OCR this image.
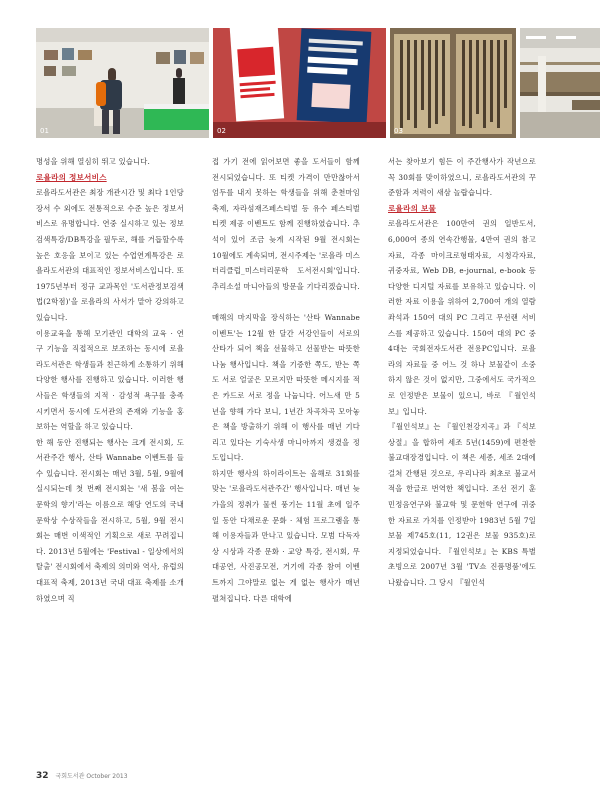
01	02	03

명성을 위해 열심히 뛰고 있습니다.

로욜라의 정보서비스

로욜라도서관은 최장 개관시간 및 최다 1인당 장서 수 외에도 전통적으로 수준 높은 정보서비스로 유명합니다. 연중 실시하고 있는 정보검색특강/DB특강을 필두로, 해를 거듭할수록 높은 호응을 보이고 있는 수업연계특강은 로욜라도서관의 대표적인 정보서비스입니다. 또 1975년부터 정규 교과목인 '도서관정보검색법(2학점)'을 로욜라의 사서가 맡아 강의하고 있습니다.

이용교육을 통해 모기관인 대학의 교육 · 연구 기능을 직접적으로 보조하는 동시에 로욜라도서관은 학생들과 친근하게 소통하기 위해 다양한 행사를 진행하고 있습니다. 이러한 행사들은 학생들의 지적 · 감성적 욕구를 충족시키면서 동시에 도서관의 존재와 기능을 홍보하는 역할을 하고 있습니다.

한 해 동안 진행되는 행사는 크게 전시회, 도서관주간 행사, 산타 Wannabe 이벤트를 들 수 있습니다. 전시회는 매년 3월, 5월, 9월에 실시되는데 첫 번째 전시회는 '새 봄을 여는 문학의 향기'라는 이름으로 해당 연도의 국내 문학상 수상작들을 전시하고, 5월, 9월 전시회는 매번 이색적인 기획으로 새로 꾸려집니다. 2013년 5월에는 'Festival - 일상에서의 탈출' 전시회에서 축제의 의미와 역사, 유럽의 대표적 축제, 2013년 국내 대표 축제를 소개하였으며 직

접 가기 전에 읽어보면 좋을 도서들이 함께 전시되었습니다. 또 티켓 가격이 만만찮아서 엄두를 내지 못하는 학생들을 위해 춘천마임축제, 자라섬재즈페스티벌 등 유수 페스티벌 티켓 제공 이벤트도 함께 진행하였습니다. 추석이 있어 조금 늦게 시작된 9월 전시회는 10월에도 계속되며, 전시주제는 '로욜라 미스터리클럽_미스터리문학 도서전시회'입니다. 추리소설 마니아들의 방문을 기다리겠습니다.

매해의 마지막을 장식하는 '산타 Wannabe 이벤트'는 12월 한 달간 서강인들이 서로의 산타가 되어 책을 선물하고 선물받는 따뜻한 나눔 행사입니다. 책을 기증한 쪽도, 받는 쪽도 서로 얼굴은 모르지만 따뜻한 메시지를 적은 카드로 서로 정을 나눕니다. 어느새 만 5년을 향해 가다 보니, 1년간 차곡차곡 모아놓은 책을 방출하기 위해 이 행사를 매년 기다리고 있다는 기숙사생 마니아까지 생겼을 정도입니다.

하지만 행사의 하이라이트는 올해로 31회를 맞는 '로욜라도서관주간' 행사입니다. 매년 늦가을의 정취가 물씬 풍기는 11월 초에 일주일 동안 다채로운 문화 · 체험 프로그램을 통해 이용자들과 만나고 있습니다. 모범 다독자상 시상과 각종 문화 · 교양 특강, 전시회, 무대공연, 사진공모전, 거기에 각종 참여 이벤트까지 그야말로 없는 게 없는 행사가 매년 펼쳐집니다. 다른 대학에

서는 찾아보기 힘든 이 주간행사가 작년으로 꼭 30회를 맞이하였으니, 로욜라도서관의 꾸준함과 저력이 새삼 놀랍습니다.

로욜라의 보물

로욜라도서관은 100만여 권의 일반도서, 6,000여 종의 연속간행물, 4만여 권의 참고자료, 각종 마이크로형태자료, 시청각자료, 귀중자료, Web DB, e-journal, e-book 등 다양한 디지털 자료를 보유하고 있습니다. 이러한 자료 이용을 위하여 2,700여 개의 열람좌석과 150여 대의 PC 그리고 무선랜 서비스를 제공하고 있습니다. 150여 대의 PC 중 4대는 국회전자도서관 전용PC입니다. 로욜라의 자료들 중 어느 것 하나 보물같이 소중하지 않은 것이 없지만, 그중에서도 국가적으로 인정받은 보물이 있으니, 바로 『월인석보』입니다.

『월인석보』는 『월인천강지곡』과 『석보상절』을 합하여 세조 5년(1459)에 편찬한 불교대장경입니다. 이 책은 세종, 세조 2대에 걸쳐 간행된 것으로, 우리나라 최초로 불교서적을 한글로 번역한 책입니다. 조선 전기 훈민정음연구와 불교학 및 문헌학 연구에 귀중한 자료로 가치를 인정받아 1983년 5월 7일 보물 제745호(11, 12권은 보물 935호)로 지정되었습니다. 『월인석보』는 KBS 특별 초빙으로 2007년 3월 'TV쇼 진품명품'에도 나왔습니다. 그 당시 『월인석

32 국회도서관 October 2013
